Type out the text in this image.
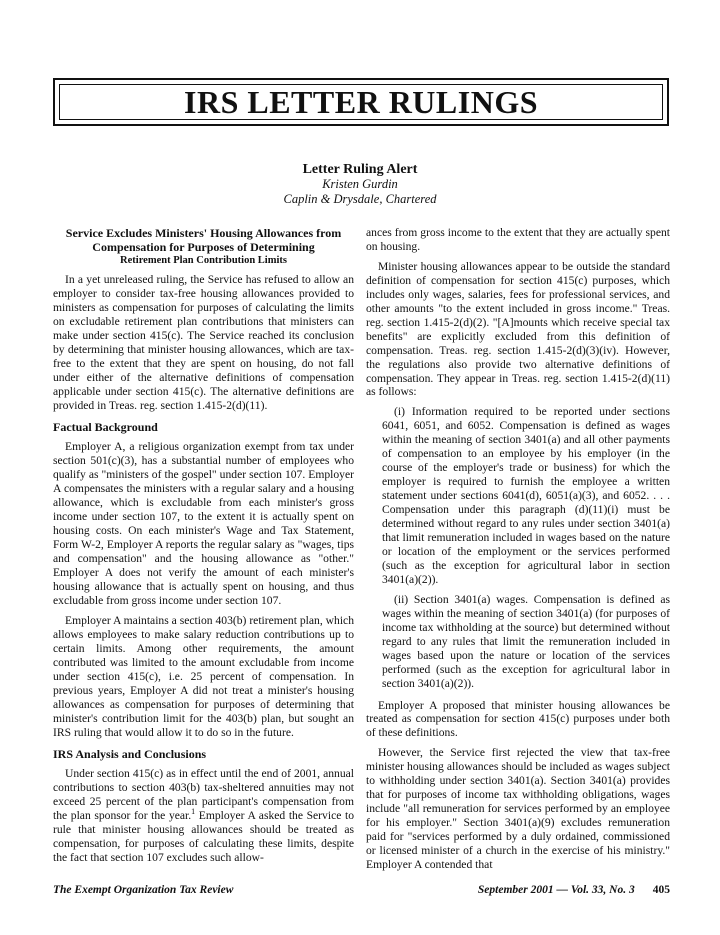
IRS LETTER RULINGS
Letter Ruling Alert
Kristen Gurdin
Caplin & Drysdale, Chartered
Service Excludes Ministers' Housing Allowances from Compensation for Purposes of Determining
Retirement Plan Contribution Limits

In a yet unreleased ruling, the Service has refused to allow an employer to consider tax-free housing allowances provided to ministers as compensation for purposes of calculating the limits on excludable retirement plan contributions that ministers can make under section 415(c). The Service reached its conclusion by determining that minister housing allowances, which are tax-free to the extent that they are spent on housing, do not fall under either of the alternative definitions of compensation applicable under section 415(c). The alternative definitions are provided in Treas. reg. section 1.415-2(d)(11).

Factual Background

Employer A, a religious organization exempt from tax under section 501(c)(3), has a substantial number of employees who qualify as "ministers of the gospel" under section 107. Employer A compensates the ministers with a regular salary and a housing allowance, which is excludable from each minister's gross income under section 107, to the extent it is actually spent on housing costs. On each minister's Wage and Tax Statement, Form W-2, Employer A reports the regular salary as "wages, tips and compensation" and the housing allowance as "other." Employer A does not verify the amount of each minister's housing allowance that is actually spent on housing, and thus excludable from gross income under section 107.

Employer A maintains a section 403(b) retirement plan, which allows employees to make salary reduction contributions up to certain limits. Among other requirements, the amount contributed was limited to the amount excludable from income under section 415(c), i.e. 25 percent of compensation. In previous years, Employer A did not treat a minister's housing allowances as compensation for purposes of determining that minister's contribution limit for the 403(b) plan, but sought an IRS ruling that would allow it to do so in the future.

IRS Analysis and Conclusions

Under section 415(c) as in effect until the end of 2001, annual contributions to section 403(b) tax-sheltered annuities may not exceed 25 percent of the plan participant's compensation from the plan sponsor for the year.$^1$ Employer A asked the Service to rule that minister housing allowances should be treated as compensation, for purposes of calculating these limits, despite the fact that section 107 excludes such allow-

ances from gross income to the extent that they are actually spent on housing.

Minister housing allowances appear to be outside the standard definition of compensation for section 415(c) purposes, which includes only wages, salaries, fees for professional services, and other amounts "to the extent included in gross income." Treas. reg. section 1.415-2(d)(2). "[A]mounts which receive special tax benefits" are explicitly excluded from this definition of compensation. Treas. reg. section 1.415-2(d)(3)(iv). However, the regulations also provide two alternative definitions of compensation. They appear in Treas. reg. section 1.415-2(d)(11) as follows:

(i) Information required to be reported under sections 6041, 6051, and 6052. Compensation is defined as wages within the meaning of section 3401(a) and all other payments of compensation to an employee by his employer (in the course of the employer's trade or business) for which the employer is required to furnish the employee a written statement under sections 6041(d), 6051(a)(3), and 6052. . . . Compensation under this paragraph (d)(11)(i) must be determined without regard to any rules under section 3401(a) that limit remuneration included in wages based on the nature or location of the employment or the services performed (such as the exception for agricultural labor in section 3401(a)(2)).

(ii) Section 3401(a) wages. Compensation is defined as wages within the meaning of section 3401(a) (for purposes of income tax withholding at the source) but determined without regard to any rules that limit the remuneration included in wages based upon the nature or location of the services performed (such as the exception for agricultural labor in section 3401(a)(2)).

Employer A proposed that minister housing allowances be treated as compensation for section 415(c) purposes under both of these definitions.

However, the Service first rejected the view that tax-free minister housing allowances should be included as wages subject to withholding under section 3401(a). Section 3401(a) provides that for purposes of income tax withholding obligations, wages include "all remuneration for services performed by an employee for his employer." Section 3401(a)(9) excludes remuneration paid for "services performed by a duly ordained, commissioned or licensed minister of a church in the exercise of his ministry." Employer A contended that

The Exempt Organization Tax Review	September 2001 — Vol. 33, No. 3 405
